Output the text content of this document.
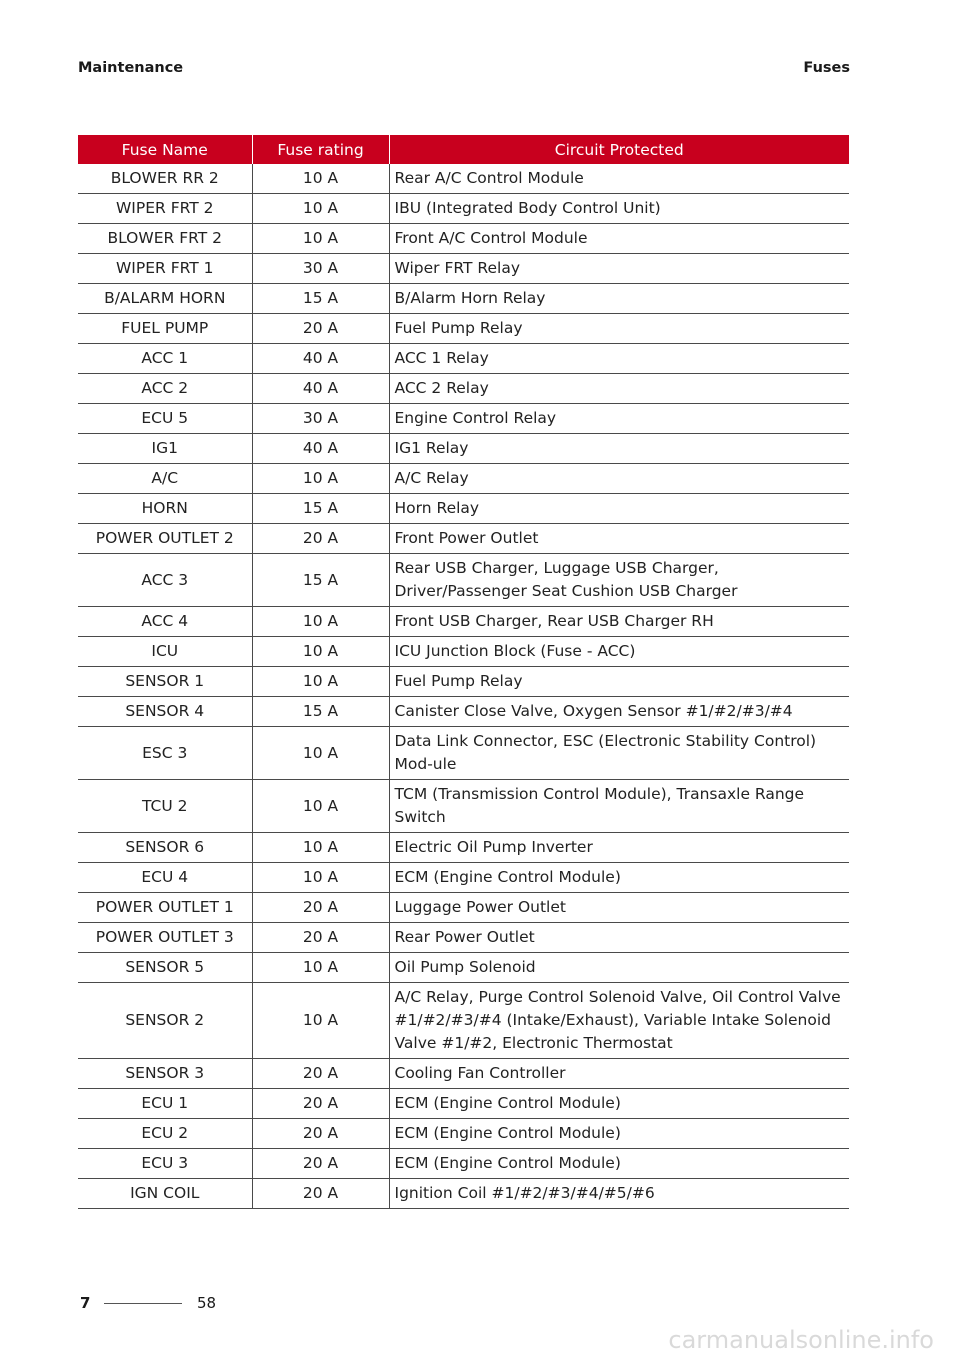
Maintenance	Fuses
Fuse Name	Fuse rating	Circuit Protected
BLOWER RR 2	10 A	Rear A/C Control Module
WIPER FRT 2	10 A	IBU (Integrated Body Control Unit)
BLOWER FRT 2	10 A	Front A/C Control Module
WIPER FRT 1	30 A	Wiper FRT Relay
B/ALARM HORN	15 A	B/Alarm Horn Relay
FUEL PUMP	20 A	Fuel Pump Relay
ACC 1	40 A	ACC 1 Relay
ACC 2	40 A	ACC 2 Relay
ECU 5	30 A	Engine Control Relay
IG1	40 A	IG1 Relay
A/C	10 A	A/C Relay
HORN	15 A	Horn Relay
POWER OUTLET 2	20 A	Front Power Outlet
ACC 3	15 A	Rear USB Charger, Luggage USB Charger, Driver/Passenger Seat Cushion USB Charger
ACC 4	10 A	Front USB Charger, Rear USB Charger RH
ICU	10 A	ICU Junction Block (Fuse - ACC)
SENSOR 1	10 A	Fuel Pump Relay
SENSOR 4	15 A	Canister Close Valve, Oxygen Sensor #1/#2/#3/#4
ESC 3	10 A	Data Link Connector, ESC (Electronic Stability Control) Mod-ule
TCU 2	10 A	TCM (Transmission Control Module), Transaxle Range Switch
SENSOR 6	10 A	Electric Oil Pump Inverter
ECU 4	10 A	ECM (Engine Control Module)
POWER OUTLET 1	20 A	Luggage Power Outlet
POWER OUTLET 3	20 A	Rear Power Outlet
SENSOR 5	10 A	Oil Pump Solenoid
SENSOR 2	10 A	A/C Relay, Purge Control Solenoid Valve, Oil Control Valve #1/#2/#3/#4 (Intake/Exhaust), Variable Intake Solenoid Valve #1/#2, Electronic Thermostat
SENSOR 3	20 A	Cooling Fan Controller
ECU 1	20 A	ECM (Engine Control Module)
ECU 2	20 A	ECM (Engine Control Module)
ECU 3	20 A	ECM (Engine Control Module)
IGN COIL	20 A	Ignition Coil #1/#2/#3/#4/#5/#6
7	58
carmanualsonline.info
